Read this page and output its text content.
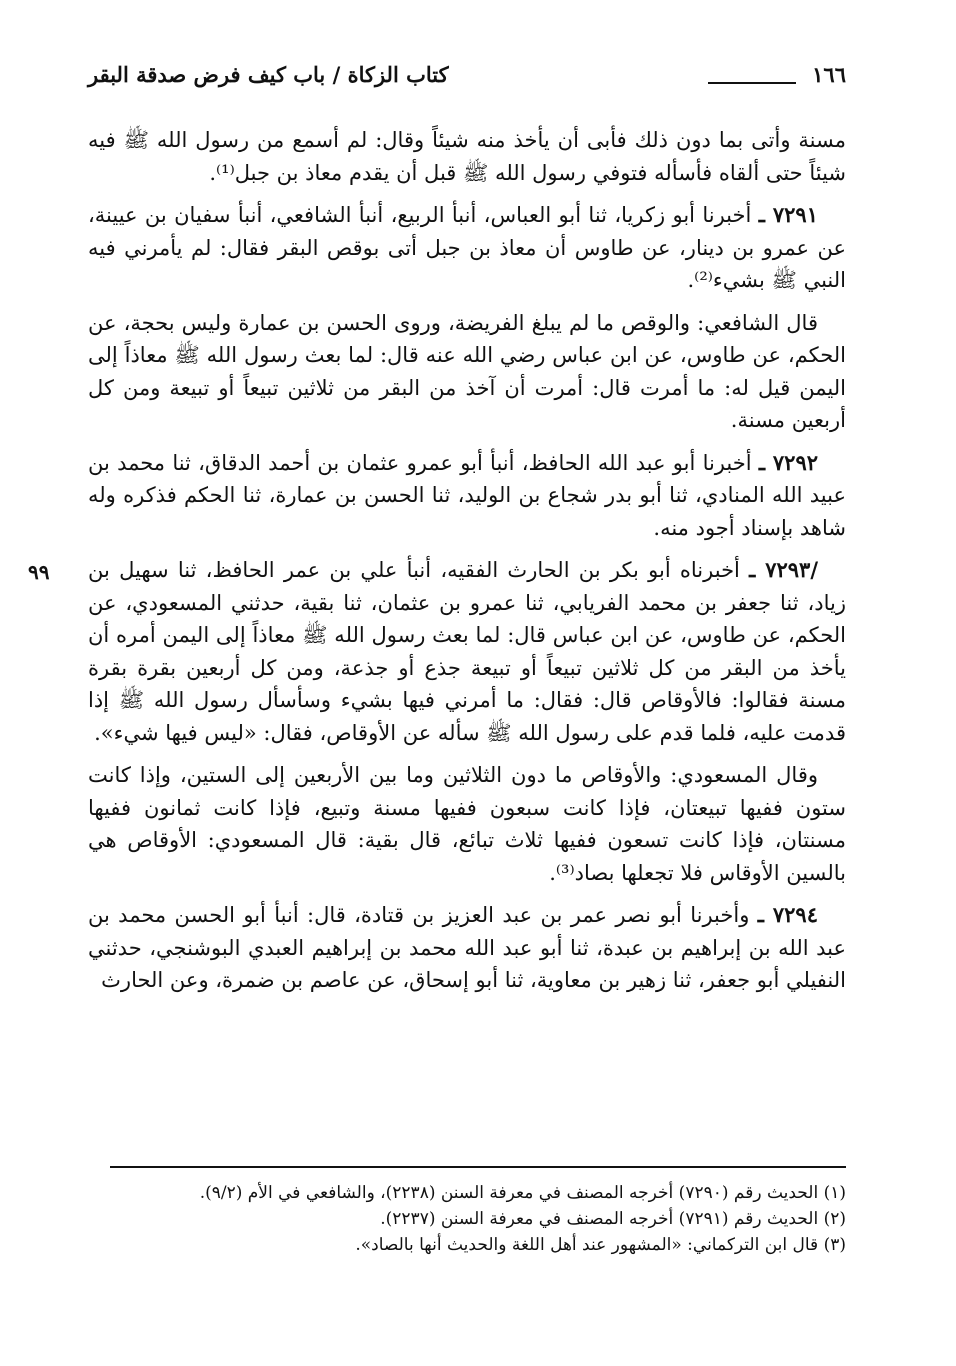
١٦٦
كتاب الزكاة / باب كيف فرض صدقة البقر

مسنة وأتى بما دون ذلك فأبى أن يأخذ منه شيئاً وقال: لم أسمع من رسول الله ﷺ فيه شيئاً حتى ألقاه فأسأله فتوفي رسول الله ﷺ قبل أن يقدم معاذ بن جبل⁽¹⁾.

٧٢٩١ ـ أخبرنا أبو زكريا، ثنا أبو العباس، أنبأ الربيع، أنبأ الشافعي، أنبأ سفيان بن عيينة، عن عمرو بن دينار، عن طاوس أن معاذ بن جبل أتى بوقص البقر فقال: لم يأمرني فيه النبي ﷺ بشيء⁽²⁾.

قال الشافعي: والوقص ما لم يبلغ الفريضة، وروى الحسن بن عمارة وليس بحجة، عن الحكم، عن طاوس، عن ابن عباس رضي الله عنه قال: لما بعث رسول الله ﷺ معاذاً إلى اليمن قيل له: ما أمرت قال: أمرت أن آخذ من البقر من ثلاثين تبيعاً أو تبيعة ومن كل أربعين مسنة.

٧٢٩٢ ـ أخبرنا أبو عبد الله الحافظ، أنبأ أبو عمرو عثمان بن أحمد الدقاق، ثنا محمد بن عبيد الله المنادي، ثنا أبو بدر شجاع بن الوليد، ثنا الحسن بن عمارة، ثنا الحكم فذكره وله شاهد بإسناد أجود منه.

٩٩	/٧٢٩٣ ـ أخبرناه أبو بكر بن الحارث الفقيه، أنبأ علي بن عمر الحافظ، ثنا سهيل بن زياد، ثنا جعفر بن محمد الفريابي، ثنا عمرو بن عثمان، ثنا بقية، حدثني المسعودي، عن الحكم، عن طاوس، عن ابن عباس قال: لما بعث رسول الله ﷺ معاذاً إلى اليمن أمره أن يأخذ من البقر من كل ثلاثين تبيعاً أو تبيعة جذع أو جذعة، ومن كل أربعين بقرة بقرة مسنة فقالوا: فالأوقاص قال: فقال: ما أمرني فيها بشيء وسأسأل رسول الله ﷺ إذا قدمت عليه، فلما قدم على رسول الله ﷺ سأله عن الأوقاص، فقال: «ليس فيها شيء».

وقال المسعودي: والأوقاص ما دون الثلاثين وما بين الأربعين إلى الستين، وإذا كانت ستون ففيها تبيعتان، فإذا كانت سبعون ففيها مسنة وتبيع، فإذا كانت ثمانون ففيها مسنتان، فإذا كانت تسعون ففيها ثلاث تبائع، قال بقية: قال المسعودي: الأوقاص هي بالسين الأوقاس فلا تجعلها بصاد⁽³⁾.

٧٢٩٤ ـ وأخبرنا أبو نصر عمر بن عبد العزيز بن قتادة، قال: أنبأ أبو الحسن محمد بن عبد الله بن إبراهيم بن عبدة، ثنا أبو عبد الله محمد بن إبراهيم العبدي البوشنجي، حدثني النفيلي أبو جعفر، ثنا زهير بن معاوية، ثنا أبو إسحاق، عن عاصم بن ضمرة، وعن الحارث

(١) الحديث رقم (٧٢٩٠) أخرجه المصنف في معرفة السنن (٢٢٣٨)، والشافعي في الأم (٩/٢).

(٢) الحديث رقم (٧٢٩١) أخرجه المصنف في معرفة السنن (٢٢٣٧).

(٣) قال ابن التركماني: «المشهور عند أهل اللغة والحديث أنها بالصاد».
